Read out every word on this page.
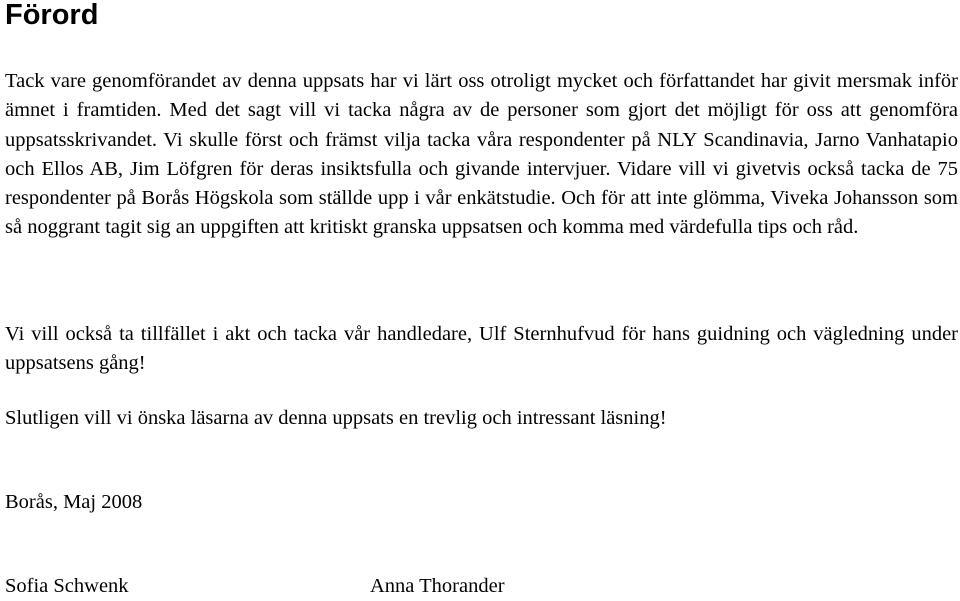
Förord

Tack vare genomförandet av denna uppsats har vi lärt oss otroligt mycket och författandet har givit mersmak inför ämnet i framtiden. Med det sagt vill vi tacka några av de personer som gjort det möjligt för oss att genomföra uppsatsskrivandet. Vi skulle först och främst vilja tacka våra respondenter på NLY Scandinavia, Jarno Vanhatapio och Ellos AB, Jim Löfgren för deras insiktsfulla och givande intervjuer. Vidare vill vi givetvis också tacka de 75 respondenter på Borås Högskola som ställde upp i vår enkätstudie. Och för att inte glömma, Viveka Johansson som så noggrant tagit sig an uppgiften att kritiskt granska uppsatsen och komma med värdefulla tips och råd.

Vi vill också ta tillfället i akt och tacka vår handledare, Ulf Sternhufvud för hans guidning och vägledning under uppsatsens gång!

Slutligen vill vi önska läsarna av denna uppsats en trevlig och intressant läsning!

Borås, Maj 2008

Sofia Schwenk	Anna Thorander
